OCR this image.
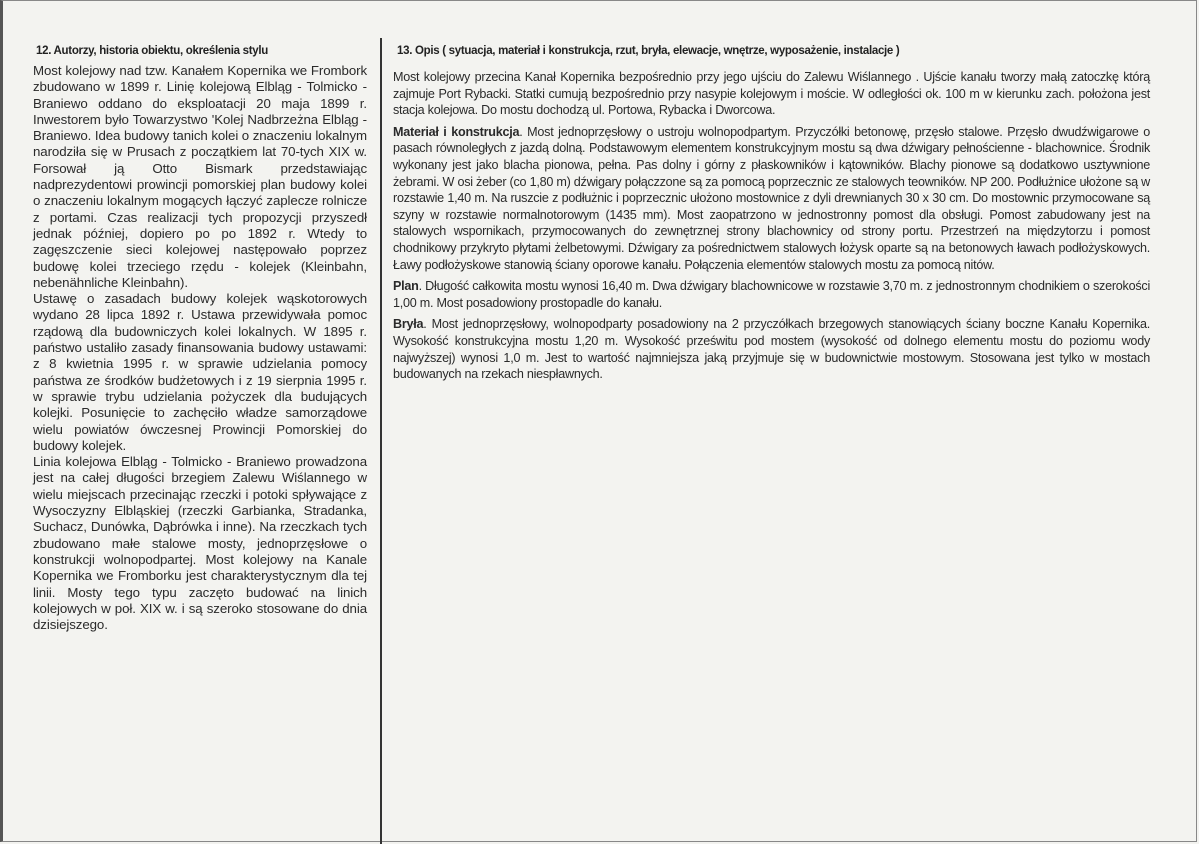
12. Autorzy, historia obiektu, określenia stylu

Most kolejowy nad tzw. Kanałem Kopernika we Frombork zbudowano w 1899 r. Linię kolejową Elbląg - Tolmicko - Braniewo oddano do eksploatacji 20 maja 1899 r. Inwestorem było Towarzystwo 'Kolej Nadbrzeżna Elbląg - Braniewo. Idea budowy tanich kolei o znaczeniu lokalnym narodziła się w Prusach z początkiem lat 70-tych XIX w. Forsował ją Otto Bismark przedstawiając nadprezydentowi prowincji pomorskiej plan budowy kolei o znaczeniu lokalnym mogących łączyć zaplecze rolnicze z portami. Czas realizacji tych propozycji przyszedł jednak później, dopiero po po 1892 r. Wtedy to zagęszczenie sieci kolejowej następowało poprzez budowę kolei trzeciego rzędu - kolejek (Kleinbahn, nebenähnliche Kleinbahn).

Ustawę o zasadach budowy kolejek wąskotorowych wydano 28 lipca 1892 r. Ustawa przewidywała pomoc rządową dla budowniczych kolei lokalnych. W 1895 r. państwo ustaliło zasady finansowania budowy ustawami: z 8 kwietnia 1995 r. w sprawie udzielania pomocy państwa ze środków budżetowych i z 19 sierpnia 1995 r. w sprawie trybu udzielania pożyczek dla budujących kolejki. Posunięcie to zachęciło władze samorządowe wielu powiatów ówczesnej Prowincji Pomorskiej do budowy kolejek.

Linia kolejowa Elbląg - Tolmicko - Braniewo prowadzona jest na całej długości brzegiem Zalewu Wiślannego w wielu miejscach przecinając rzeczki i potoki spływające z Wysoczyzny Elbląskiej (rzeczki Garbianka, Stradanka, Suchacz, Dunówka, Dąbrówka i inne). Na rzeczkach tych zbudowano małe stalowe mosty, jednoprzęsłowe o konstrukcji wolnopodpartej. Most kolejowy na Kanale Kopernika we Fromborku jest charakterystycznym dla tej linii. Mosty tego typu zaczęto budować na linich kolejowych w poł. XIX w. i są szeroko stosowane do dnia dzisiejszego.

13. Opis ( sytuacja, materiał i konstrukcja, rzut, bryła, elewacje, wnętrze, wyposażenie, instalacje )

Most kolejowy przecina Kanał Kopernika bezpośrednio przy jego ujściu do Zalewu Wiślannego . Ujście kanału tworzy małą zatoczkę którą zajmuje Port Rybacki. Statki cumują bezpośrednio przy nasypie kolejowym i moście. W odległości ok. 100 m w kierunku zach. położona jest stacja kolejowa. Do mostu dochodzą ul. Portowa, Rybacka i Dworcowa.

Materiał i konstrukcja. Most jednoprzęsłowy o ustroju wolnopodpartym. Przyczółki betonowę, przęsło stalowe. Przęsło dwudźwigarowe o pasach równoległych z jazdą dolną. Podstawowym elementem konstrukcyjnym mostu są dwa dźwigary pełnościenne - blachownice. Środnik wykonany jest jako blacha pionowa, pełna. Pas dolny i górny z płaskowników i kątowników. Blachy pionowe są dodatkowo usztywnione żebrami. W osi żeber (co 1,80 m) dźwigary połączzone są za pomocą poprzecznic ze stalowych teowników. NP 200. Podłużnice ułożone są w rozstawie 1,40 m. Na ruszcie z podłużnic i poprzecznic ułożono mostownice z dyli drewnianych 30 x 30 cm. Do mostownic przymocowane są szyny w rozstawie normalnotorowym (1435 mm). Most zaopatrzono w jednostronny pomost dla obsługi. Pomost zabudowany jest na stalowych wspornikach, przymocowanych do zewnętrznej strony blachownicy od strony portu. Przestrzeń na międzytorzu i pomost chodnikowy przykryto płytami żelbetowymi. Dźwigary za pośrednictwem stalowych łożysk oparte są na betonowych ławach podłożyskowych. Ławy podłożyskowe stanowią ściany oporowe kanału. Połączenia elementów stalowych mostu za pomocą nitów.

Plan. Długość całkowita mostu wynosi 16,40 m. Dwa dźwigary blachownicowe w rozstawie 3,70 m. z jednostronnym chodnikiem o szerokości 1,00 m. Most posadowiony prostopadle do kanału.

Bryła. Most jednoprzęsłowy, wolnopodparty posadowiony na 2 przyczółkach brzegowych stanowiących ściany boczne Kanału Kopernika. Wysokość konstrukcyjna mostu 1,20 m. Wysokość prześwitu pod mostem (wysokość od dolnego elementu mostu do poziomu wody najwyższej) wynosi 1,0 m. Jest to wartość najmniejsza jaką przyjmuje się w budownictwie mostowym. Stosowana jest tylko w mostach budowanych na rzekach niespławnych.
